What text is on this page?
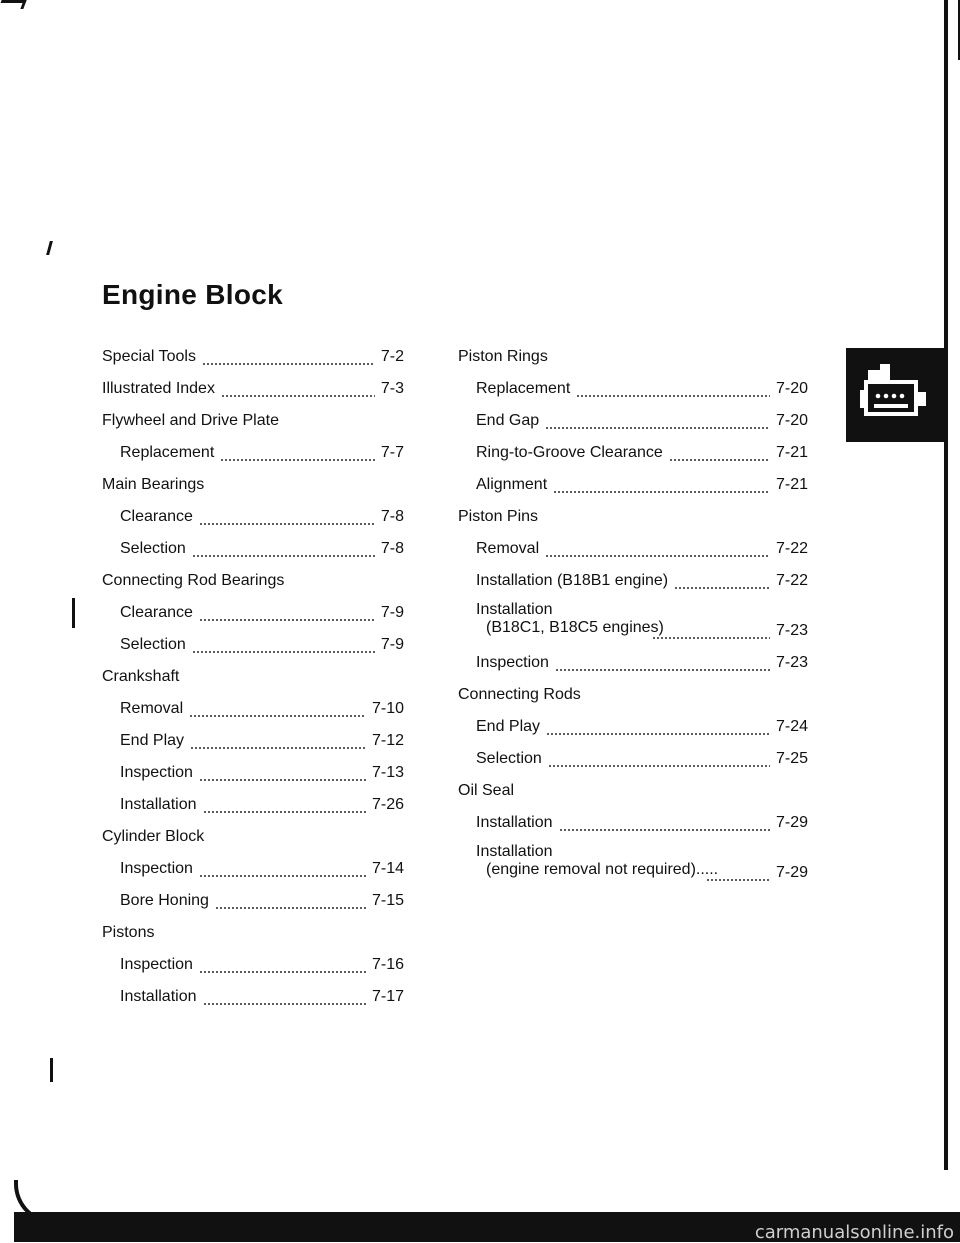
Engine Block
Special Tools	7-2
Illustrated Index	7-3
Flywheel and Drive Plate
Replacement	7-7
Main Bearings
Clearance	7-8
Selection	7-8
Connecting Rod Bearings
Clearance	7-9
Selection	7-9
Crankshaft
Removal	7-10
End Play	7-12
Inspection	7-13
Installation	7-26
Cylinder Block
Inspection	7-14
Bore Honing	7-15
Pistons
Inspection	7-16
Installation	7-17
Piston Rings
Replacement	7-20
End Gap	7-20
Ring-to-Groove Clearance	7-21
Alignment	7-21
Piston Pins
Removal	7-22
Installation (B18B1 engine)	7-22
Installation
(B18C1, B18C5 engines)	7-23
Inspection	7-23
Connecting Rods
End Play	7-24
Selection	7-25
Oil Seal
Installation	7-29
Installation
(engine removal not required).....	7-29
carmanualsonline.info
